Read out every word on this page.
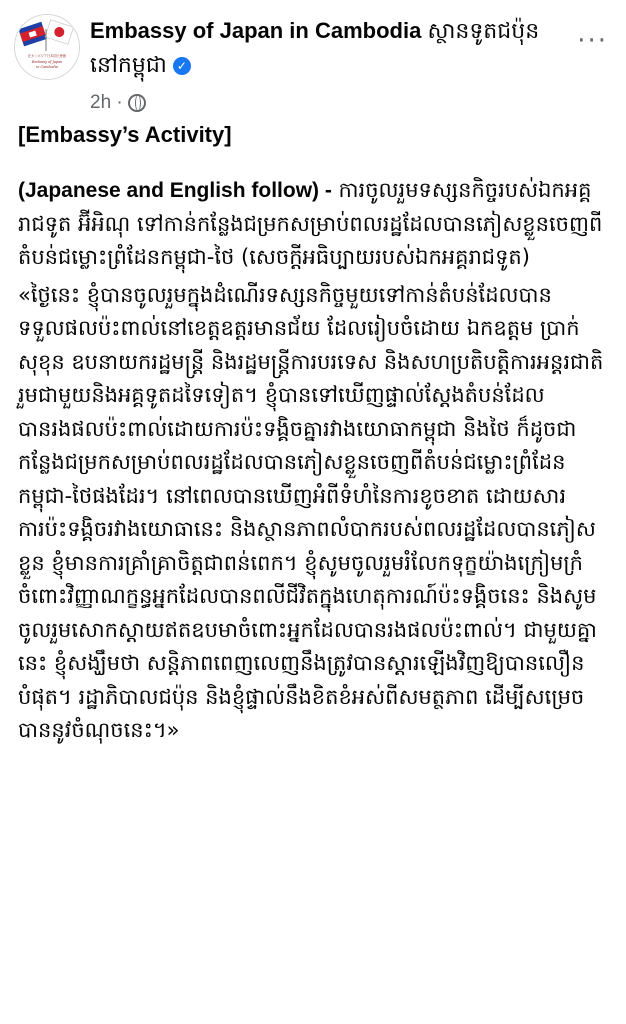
在カンボジア日本国大使館
Embassy of Japan
in Cambodia
Embassy of Japan in Cambodia ស្ថានទូតជប៉ុននៅកម្ពុជា ✓
···
2h ·

[Embassy’s Activity]

(Japanese and English follow) - ការចូលរួមទស្សនកិច្ចរបស់ឯកអគ្គរាជទូត អ៊ីអិណុ ទៅកាន់កន្លែងជម្រកសម្រាប់ពលរដ្ឋដែលបានភៀសខ្លួនចេញពីតំបន់ជម្លោះព្រំដែនកម្ពុជា-ថៃ (សេចក្តីអធិប្បាយរបស់ឯកអគ្គរាជទូត)

«ថ្ងៃនេះ ខ្ញុំបានចូលរួមក្នុងដំណើរទស្សនកិច្ចមួយទៅកាន់តំបន់ដែលបានទទួលផលប៉ះពាល់នៅខេត្តឧត្តរមានជ័យ ដែលរៀបចំដោយ ឯកឧត្តម ប្រាក់ សុខុន ឧបនាយករដ្ឋមន្ត្រី និងរដ្ឋមន្ត្រីការបរទេស និងសហប្រតិបត្តិការអន្តរជាតិ រួមជាមួយនិងអគ្គទូតដទៃទៀត។ ខ្ញុំបានទៅឃើញផ្ទាល់ស្តែងតំបន់ដែលបានរងផលប៉ះពាល់ដោយការប៉ះទង្គិចគ្នារវាងយោធាកម្ពុជា និងថៃ ក៏ដូចជាកន្លែងជម្រកសម្រាប់ពលរដ្ឋដែលបានភៀសខ្លួនចេញពីតំបន់ជម្លោះព្រំដែនកម្ពុជា-ថៃផងដែរ។ នៅពេលបានឃើញអំពីទំហំនៃការខូចខាត ដោយសារការប៉ះទង្គិចរវាងយោធានេះ និងស្ថានភាពលំបាករបស់ពលរដ្ឋដែលបានភៀសខ្លួន ខ្ញុំមានការគ្រាំគ្រាចិត្តជាពន់ពេក។ ខ្ញុំសូមចូលរួមរំលែកទុក្ខយ៉ាងក្រៀមក្រំចំពោះវិញ្ញាណក្ខន្ធអ្នកដែលបានពលីជីវិតក្នុងហេតុការណ៍ប៉ះទង្គិចនេះ និងសូមចូលរួមសោកស្តាយឥតឧបមាចំពោះអ្នកដែលបានរងផលប៉ះពាល់។ ជាមួយគ្នានេះ ខ្ញុំសង្ឃឹមថា សន្តិភាពពេញលេញនឹងត្រូវបានស្តារឡើងវិញឱ្យបានលឿនបំផុត។ រដ្ឋាភិបាលជប៉ុន និងខ្ញុំផ្ទាល់នឹងខិតខំអស់ពីសមត្ថភាព ដើម្បីសម្រេចបាននូវចំណុចនេះ។»
